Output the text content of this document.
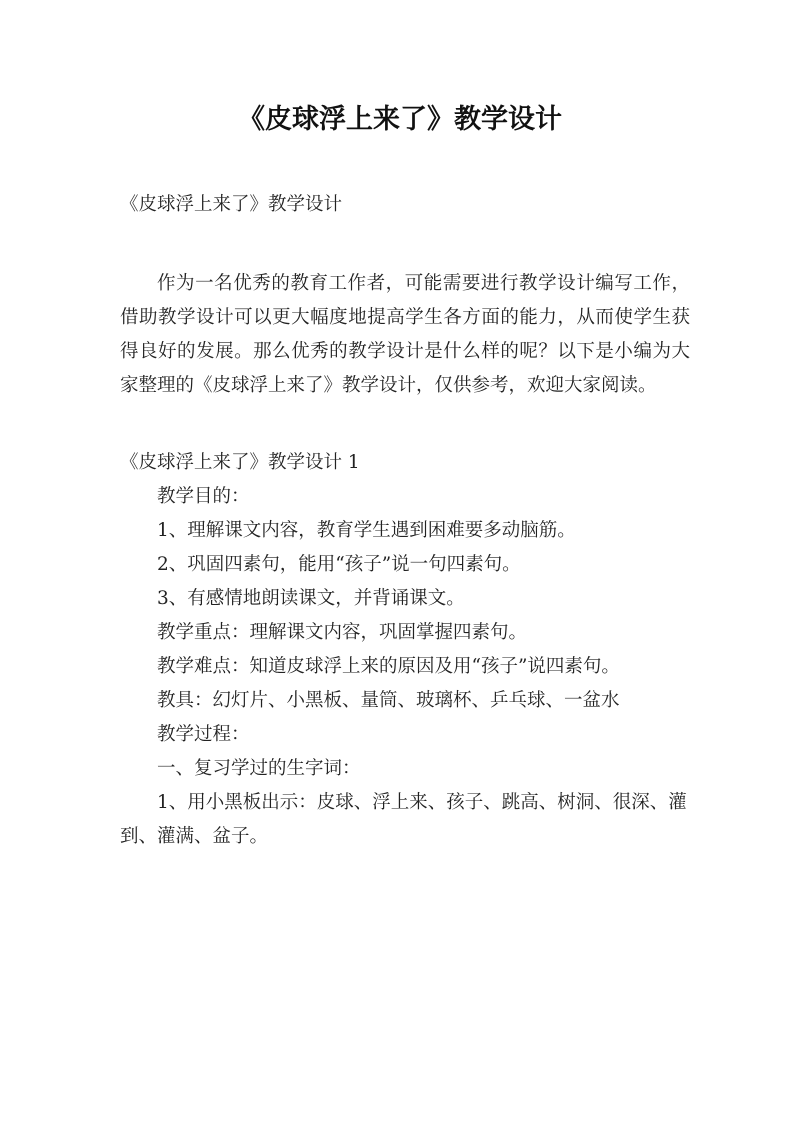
《皮球浮上来了》教学设计

《皮球浮上来了》教学设计

作为一名优秀的教育工作者，可能需要进行教学设计编写工作，借助教学设计可以更大幅度地提高学生各方面的能力，从而使学生获得良好的发展。那么优秀的教学设计是什么样的呢？以下是小编为大家整理的《皮球浮上来了》教学设计，仅供参考，欢迎大家阅读。

《皮球浮上来了》教学设计 1

教学目的：

1、理解课文内容，教育学生遇到困难要多动脑筋。

2、巩固四素句，能用“孩子”说一句四素句。

3、有感情地朗读课文，并背诵课文。

教学重点：理解课文内容，巩固掌握四素句。

教学难点：知道皮球浮上来的原因及用“孩子”说四素句。

教具：幻灯片、小黑板、量筒、玻璃杯、乒乓球、一盆水

教学过程：

一、复习学过的生字词：

1、用小黑板出示：皮球、浮上来、孩子、跳高、树洞、很深、灌到、灌满、盆子。
